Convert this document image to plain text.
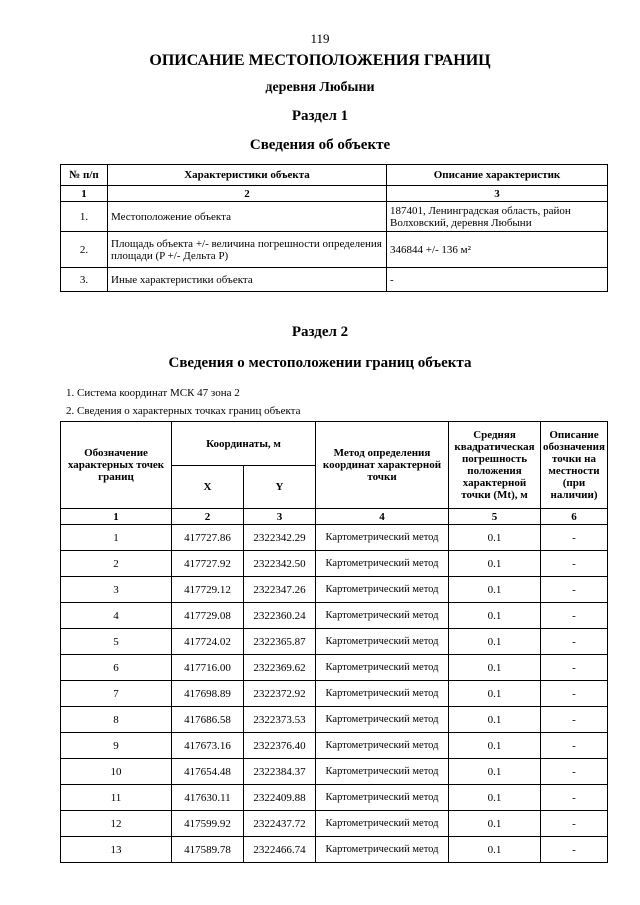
119
ОПИСАНИЕ МЕСТОПОЛОЖЕНИЯ ГРАНИЦ
деревня Любыни
Раздел 1
Сведения об объекте
№ п/п	Характеристики объекта	Описание характеристик
1	2	3
1.	Местоположение объекта	187401, Ленинградская область, район Волховский, деревня Любыни
2.	Площадь объекта +/- величина погрешности определения площади (P +/- Дельта P)	346844 +/- 136 м²
3.	Иные характеристики объекта	-
Раздел 2
Сведения о местоположении границ объекта
1. Система координат МСК 47 зона 2
2. Сведения о характерных точках границ объекта
Обозначение характерных точек границ	Координаты, м		Метод определения координат характерной точки	Средняя квадратическая погрешность положения характерной точки (Mt), м	Описание обозначения точки на местности (при наличии)
	X	Y			
1	2	3	4	5	6
1	417727.86	2322342.29	Картометрический метод	0.1	-
2	417727.92	2322342.50	Картометрический метод	0.1	-
3	417729.12	2322347.26	Картометрический метод	0.1	-
4	417729.08	2322360.24	Картометрический метод	0.1	-
5	417724.02	2322365.87	Картометрический метод	0.1	-
6	417716.00	2322369.62	Картометрический метод	0.1	-
7	417698.89	2322372.92	Картометрический метод	0.1	-
8	417686.58	2322373.53	Картометрический метод	0.1	-
9	417673.16	2322376.40	Картометрический метод	0.1	-
10	417654.48	2322384.37	Картометрический метод	0.1	-
11	417630.11	2322409.88	Картометрический метод	0.1	-
12	417599.92	2322437.72	Картометрический метод	0.1	-
13	417589.78	2322466.74	Картометрический метод	0.1	-
